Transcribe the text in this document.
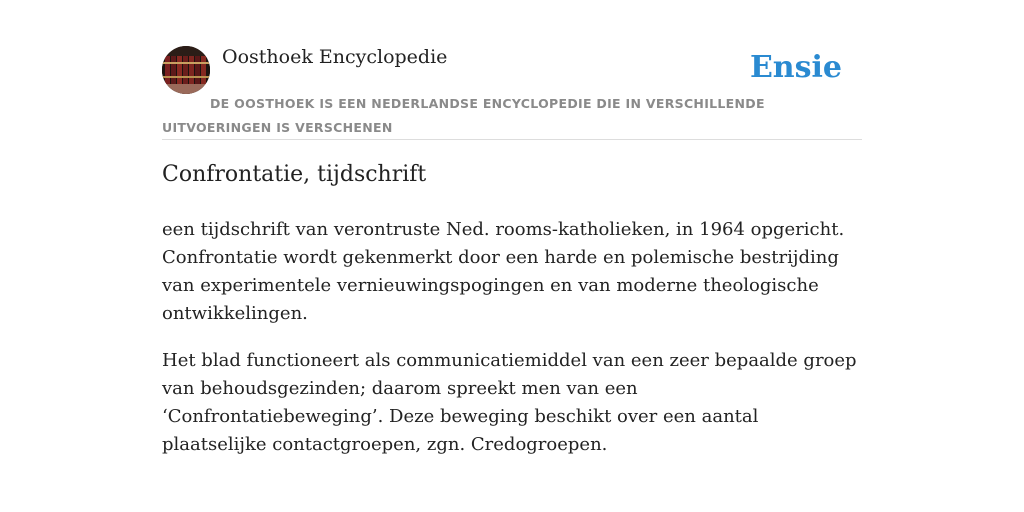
Oosthoek Encyclopedie	Ensie
DE OOSTHOEK IS EEN NEDERLANDSE ENCYCLOPEDIE DIE IN VERSCHILLENDE UITVOERINGEN IS VERSCHENEN
Confrontatie, tijdschrift

een tijdschrift van verontruste Ned. rooms-katholieken, in 1964 opgericht. Confrontatie wordt gekenmerkt door een harde en polemische bestrijding van experimentele vernieuwingspogingen en van moderne theologische ontwikkelingen.

Het blad functioneert als communicatiemiddel van een zeer bepaalde groep van behoudsgezinden; daarom spreekt men van een ‘Confrontatiebeweging’. Deze beweging beschikt over een aantal plaatselijke contactgroepen, zgn. Credogroepen.
